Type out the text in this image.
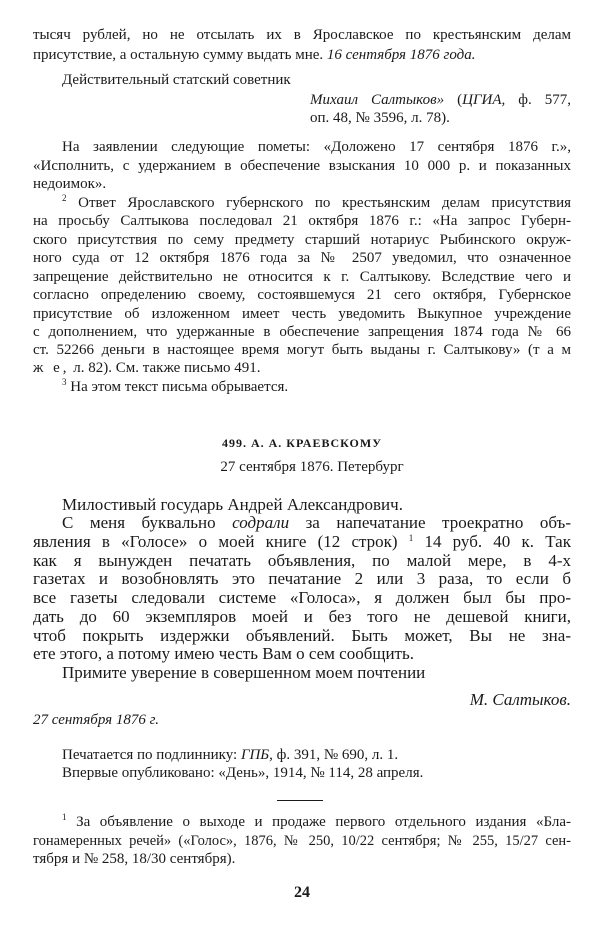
тысяч рублей, но не отсылать их в Ярославское по крестьянским делам
присутствие, а остальную сумму выдать мне. 16 сентября 1876 года.
Действительный статский советник
Михаил Салтыков» (ЦГИА, ф. 577,
оп. 48, № 3596, л. 78).
На заявлении следующие пометы: «Доложено 17 сентября 1876 г.»,
«Исполнить, с удержанием в обеспечение взыскания 10 000 р. и показанных
недоимок».
$^2$ Ответ Ярославского губернского по крестьянским делам присутствия
на просьбу Салтыкова последовал 21 октября 1876 г.: «На запрос Губерн-
ского присутствия по сему предмету старший нотариус Рыбинского окруж-
ного суда от 12 октября 1876 года за № 2507 уведомил, что означенное
запрещение действительно не относится к г. Салтыкову. Вследствие чего и
согласно определению своему, состоявшемуся 21 сего октября, Губернское
присутствие об изложенном имеет честь уведомить Выкупное учреждение
с дополнением, что удержанные в обеспечение запрещения 1874 года № 66
ст. 52266 деньги в настоящее время могут быть выданы г. Салтыкову» (т а м
ж е, л. 82). См. также письмо 491.
$^3$ На этом текст письма обрывается.
499. А. А. КРАЕВСКОМУ
27 сентября 1876. Петербург
Милостивый государь Андрей Александрович.
С меня буквально содрали за напечатание троекратно объ-
явления в «Голосе» о моей книге (12 строк) $^1$ 14 руб. 40 к. Так
как я вынужден печатать объявления, по малой мере, в 4-х
газетах и возобновлять это печатание 2 или 3 раза, то если б
все газеты следовали системе «Голоса», я должен был бы про-
дать до 60 экземпляров моей и без того не дешевой книги,
чтоб покрыть издержки объявлений. Быть может, Вы не зна-
ете этого, а потому имею честь Вам о сем сообщить.
Примите уверение в совершенном моем почтении
М. Салтыков.
27 сентября 1876 г.
Печатается по подлиннику: ГПБ, ф. 391, № 690, л. 1.
Впервые опубликовано: «День», 1914, № 114, 28 апреля.
$^1$ За объявление о выходе и продаже первого отдельного издания «Бла-
гонамеренных речей» («Голос», 1876, № 250, 10/22 сентября; № 255, 15/27 сен-
тября и № 258, 18/30 сентября).
24
